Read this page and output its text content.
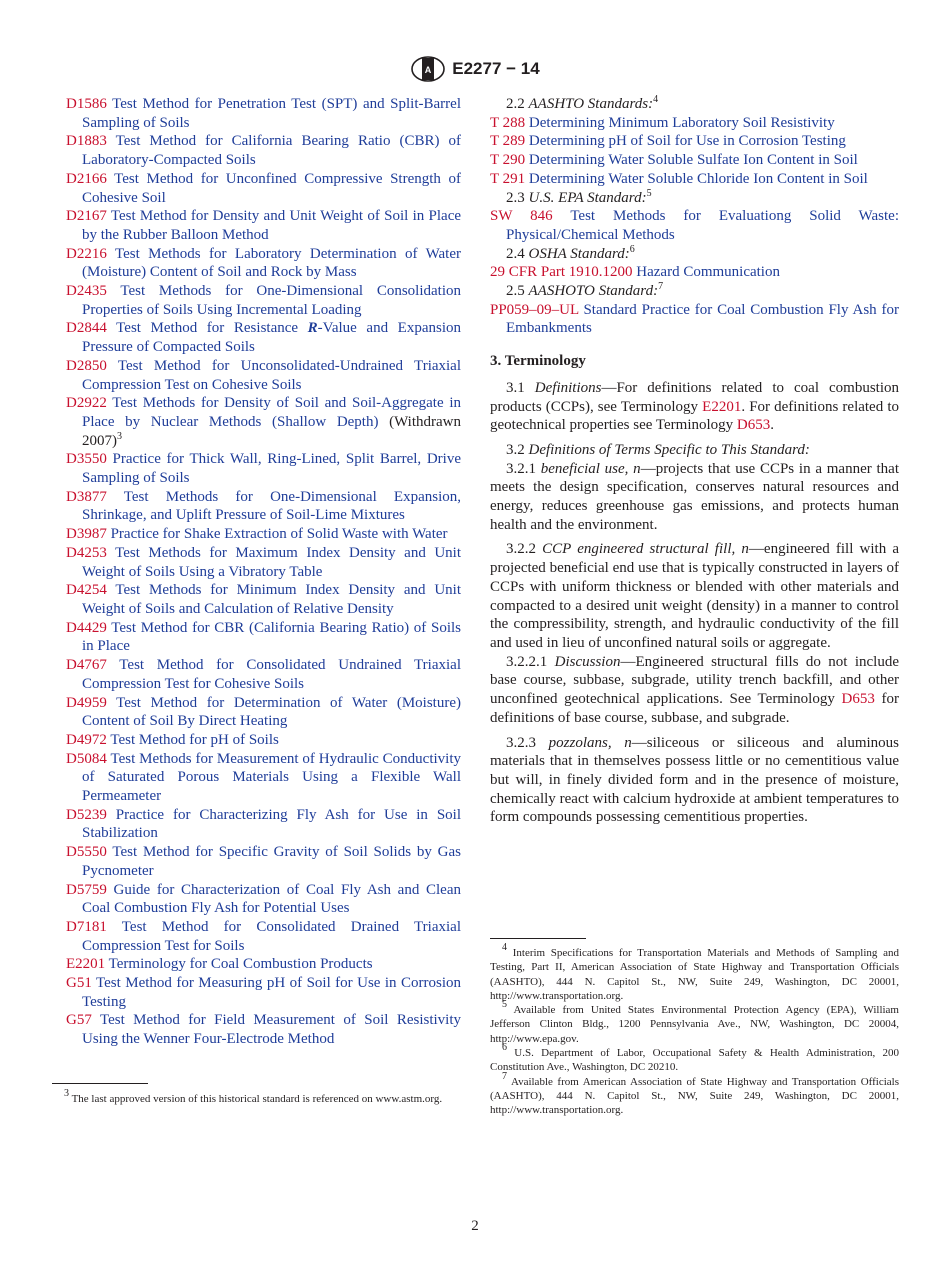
A E2277 − 14
D1586 Test Method for Penetration Test (SPT) and Split-Barrel Sampling of Soils
D1883 Test Method for California Bearing Ratio (CBR) of Laboratory-Compacted Soils
D2166 Test Method for Unconfined Compressive Strength of Cohesive Soil
D2167 Test Method for Density and Unit Weight of Soil in Place by the Rubber Balloon Method
D2216 Test Methods for Laboratory Determination of Water (Moisture) Content of Soil and Rock by Mass
D2435 Test Methods for One-Dimensional Consolidation Properties of Soils Using Incremental Loading
D2844 Test Method for Resistance R-Value and Expansion Pressure of Compacted Soils
D2850 Test Method for Unconsolidated-Undrained Triaxial Compression Test on Cohesive Soils
D2922 Test Methods for Density of Soil and Soil-Aggregate in Place by Nuclear Methods (Shallow Depth) (Withdrawn 2007)$^3$
D3550 Practice for Thick Wall, Ring-Lined, Split Barrel, Drive Sampling of Soils
D3877 Test Methods for One-Dimensional Expansion, Shrinkage, and Uplift Pressure of Soil-Lime Mixtures
D3987 Practice for Shake Extraction of Solid Waste with Water
D4253 Test Methods for Maximum Index Density and Unit Weight of Soils Using a Vibratory Table
D4254 Test Methods for Minimum Index Density and Unit Weight of Soils and Calculation of Relative Density
D4429 Test Method for CBR (California Bearing Ratio) of Soils in Place
D4767 Test Method for Consolidated Undrained Triaxial Compression Test for Cohesive Soils
D4959 Test Method for Determination of Water (Moisture) Content of Soil By Direct Heating
D4972 Test Method for pH of Soils
D5084 Test Methods for Measurement of Hydraulic Conductivity of Saturated Porous Materials Using a Flexible Wall Permeameter
D5239 Practice for Characterizing Fly Ash for Use in Soil Stabilization
D5550 Test Method for Specific Gravity of Soil Solids by Gas Pycnometer
D5759 Guide for Characterization of Coal Fly Ash and Clean Coal Combustion Fly Ash for Potential Uses
D7181 Test Method for Consolidated Drained Triaxial Compression Test for Soils
E2201 Terminology for Coal Combustion Products
G51 Test Method for Measuring pH of Soil for Use in Corrosion Testing
G57 Test Method for Field Measurement of Soil Resistivity Using the Wenner Four-Electrode Method
2.2 AASHTO Standards:$^4$
T 288 Determining Minimum Laboratory Soil Resistivity
T 289 Determining pH of Soil for Use in Corrosion Testing
T 290 Determining Water Soluble Sulfate Ion Content in Soil
T 291 Determining Water Soluble Chloride Ion Content in Soil
2.3 U.S. EPA Standard:$^5$
SW 846 Test Methods for Evaluationg Solid Waste: Physical/Chemical Methods
2.4 OSHA Standard:$^6$
29 CFR Part 1910.1200 Hazard Communication
2.5 AASHOTO Standard:$^7$
PP059–09–UL Standard Practice for Coal Combustion Fly Ash for Embankments
3. Terminology
3.1 Definitions—For definitions related to coal combustion products (CCPs), see Terminology E2201. For definitions related to geotechnical properties see Terminology D653.
3.2 Definitions of Terms Specific to This Standard:
3.2.1 beneficial use, n—projects that use CCPs in a manner that meets the design specification, conserves natural resources and energy, reduces greenhouse gas emissions, and protects human health and the environment.
3.2.2 CCP engineered structural fill, n—engineered fill with a projected beneficial end use that is typically constructed in layers of CCPs with uniform thickness or blended with other materials and compacted to a desired unit weight (density) in a manner to control the compressibility, strength, and hydraulic conductivity of the fill and used in lieu of unconfined natural soils or aggregate.
3.2.2.1 Discussion—Engineered structural fills do not include base course, subbase, subgrade, utility trench backfill, and other unconfined geotechnical applications. See Terminology D653 for definitions of base course, subbase, and subgrade.
3.2.3 pozzolans, n—siliceous or siliceous and aluminous materials that in themselves possess little or no cementitious value but will, in finely divided form and in the presence of moisture, chemically react with calcium hydroxide at ambient temperatures to form compounds possessing cementitious properties.
$^4$ Interim Specifications for Transportation Materials and Methods of Sampling and Testing, Part II, American Association of State Highway and Transportation Officials (AASHTO), 444 N. Capitol St., NW, Suite 249, Washington, DC 20001, http://www.transportation.org.
$^5$ Available from United States Environmental Protection Agency (EPA), William Jefferson Clinton Bldg., 1200 Pennsylvania Ave., NW, Washington, DC 20004, http://www.epa.gov.
$^6$ U.S. Department of Labor, Occupational Safety & Health Administration, 200 Constitution Ave., Washington, DC 20210.
$^7$ Available from American Association of State Highway and Transportation Officials (AASHTO), 444 N. Capitol St., NW, Suite 249, Washington, DC 20001, http://www.transportation.org.
$^3$ The last approved version of this historical standard is referenced on www.astm.org.
2
